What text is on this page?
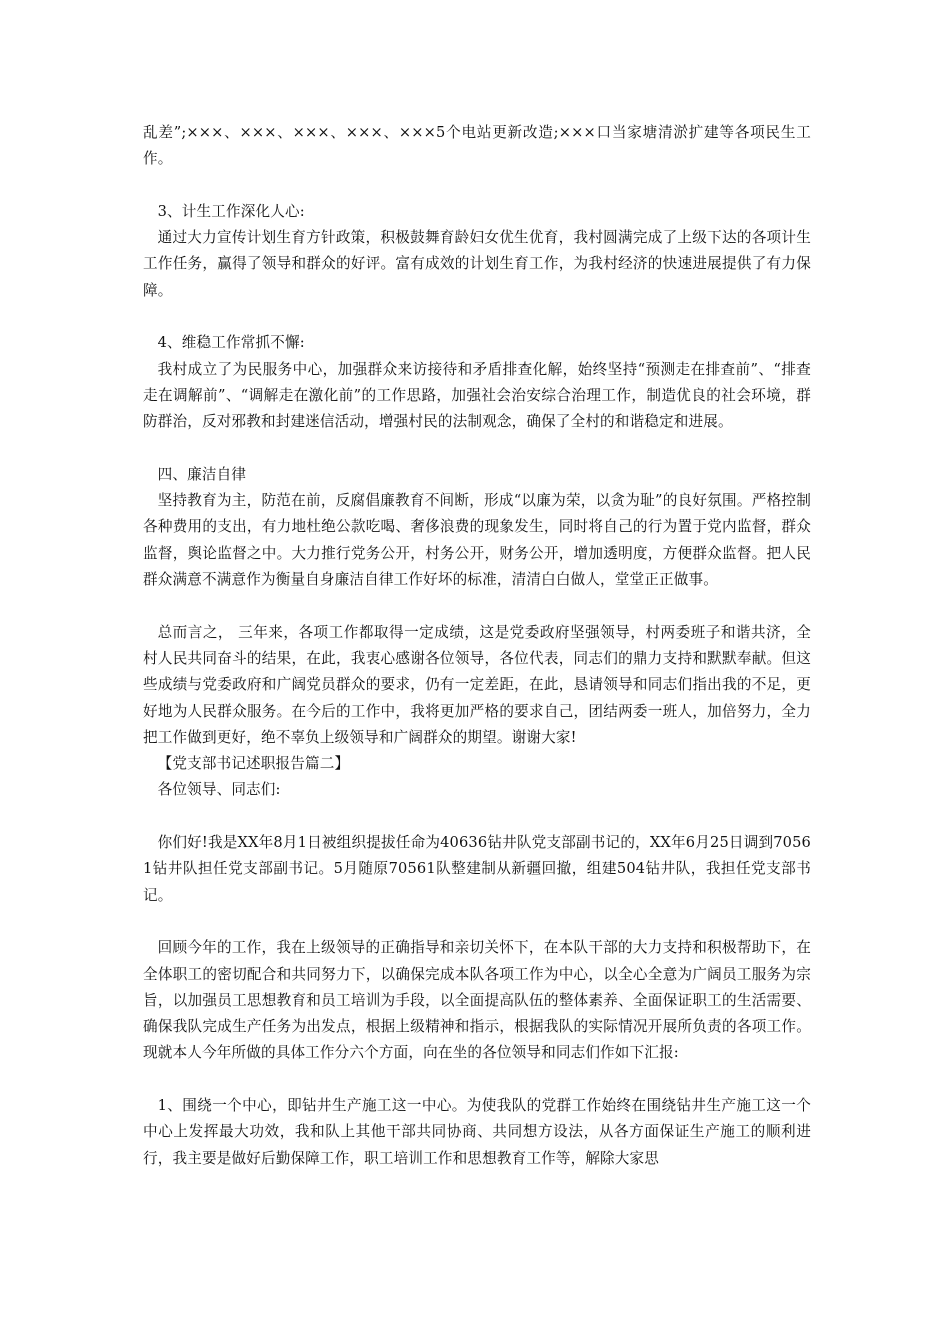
乱差”;×××、×××、×××、×××、×××5个电站更新改造;×××口当家塘清淤扩建等各项民生工作。

3、计生工作深化人心:

通过大力宣传计划生育方针政策，积极鼓舞育龄妇女优生优育，我村圆满完成了上级下达的各项计生工作任务，赢得了领导和群众的好评。富有成效的计划生育工作，为我村经济的快速进展提供了有力保障。

4、维稳工作常抓不懈:

我村成立了为民服务中心，加强群众来访接待和矛盾排查化解，始终坚持“预测走在排查前”、“排查走在调解前”、“调解走在激化前”的工作思路，加强社会治安综合治理工作，制造优良的社会环境，群防群治，反对邪教和封建迷信活动，增强村民的法制观念，确保了全村的和谐稳定和进展。

四、廉洁自律

坚持教育为主，防范在前，反腐倡廉教育不间断，形成“以廉为荣，以贪为耻”的良好氛围。严格控制各种费用的支出，有力地杜绝公款吃喝、奢侈浪费的现象发生，同时将自己的行为置于党内监督，群众监督，舆论监督之中。大力推行党务公开，村务公开，财务公开，增加透明度，方便群众监督。把人民群众满意不满意作为衡量自身廉洁自律工作好坏的标准，清清白白做人，堂堂正正做事。

总而言之， 三年来，各项工作都取得一定成绩，这是党委政府坚强领导，村两委班子和谐共济，全村人民共同奋斗的结果，在此，我衷心感谢各位领导，各位代表，同志们的鼎力支持和默默奉献。但这些成绩与党委政府和广阔党员群众的要求，仍有一定差距，在此，恳请领导和同志们指出我的不足，更好地为人民群众服务。在今后的工作中，我将更加严格的要求自己，团结两委一班人，加倍努力，全力把工作做到更好，绝不辜负上级领导和广阔群众的期望。谢谢大家!

【党支部书记述职报告篇二】

各位领导、同志们:

你们好!我是XX年8月1日被组织提拔任命为40636钻井队党支部副书记的，XX年6月25日调到70561钻井队担任党支部副书记。5月随原70561队整建制从新疆回撤，组建504钻井队，我担任党支部书记。

回顾今年的工作，我在上级领导的正确指导和亲切关怀下，在本队干部的大力支持和积极帮助下，在全体职工的密切配合和共同努力下，以确保完成本队各项工作为中心，以全心全意为广阔员工服务为宗旨，以加强员工思想教育和员工培训为手段，以全面提高队伍的整体素养、全面保证职工的生活需要、确保我队完成生产任务为出发点，根据上级精神和指示，根据我队的实际情况开展所负责的各项工作。现就本人今年所做的具体工作分六个方面，向在坐的各位领导和同志们作如下汇报:

1、围绕一个中心，即钻井生产施工这一中心。为使我队的党群工作始终在围绕钻井生产施工这一个中心上发挥最大功效，我和队上其他干部共同协商、共同想方设法，从各方面保证生产施工的顺利进行，我主要是做好后勤保障工作，职工培训工作和思想教育工作等，解除大家思
